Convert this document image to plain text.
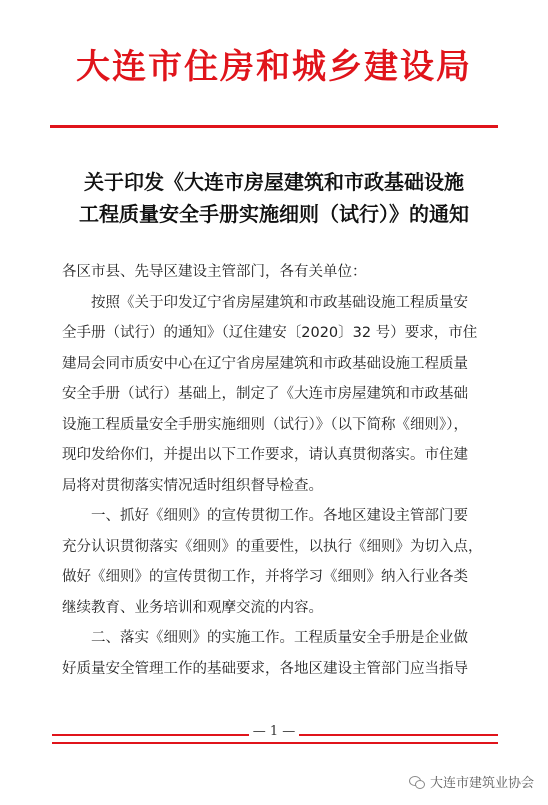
大连市住房和城乡建设局
关于印发《大连市房屋建筑和市政基础设施
工程质量安全手册实施细则（试行）》的通知
各区市县、先导区建设主管部门，各有关单位：
按照《关于印发辽宁省房屋建筑和市政基础设施工程质量安
全手册（试行）的通知》（辽住建安〔2020〕32 号）要求，市住
建局会同市质安中心在辽宁省房屋建筑和市政基础设施工程质量
安全手册（试行）基础上，制定了《大连市房屋建筑和市政基础
设施工程质量安全手册实施细则（试行）》（以下简称《细则》），
现印发给你们，并提出以下工作要求，请认真贯彻落实。市住建
局将对贯彻落实情况适时组织督导检查。
一、抓好《细则》的宣传贯彻工作。各地区建设主管部门要
充分认识贯彻落实《细则》的重要性，以执行《细则》为切入点，
做好《细则》的宣传贯彻工作，并将学习《细则》纳入行业各类
继续教育、业务培训和观摩交流的内容。
二、落实《细则》的实施工作。工程质量安全手册是企业做
好质量安全管理工作的基础要求，各地区建设主管部门应当指导
— 1 —
大连市建筑业协会
